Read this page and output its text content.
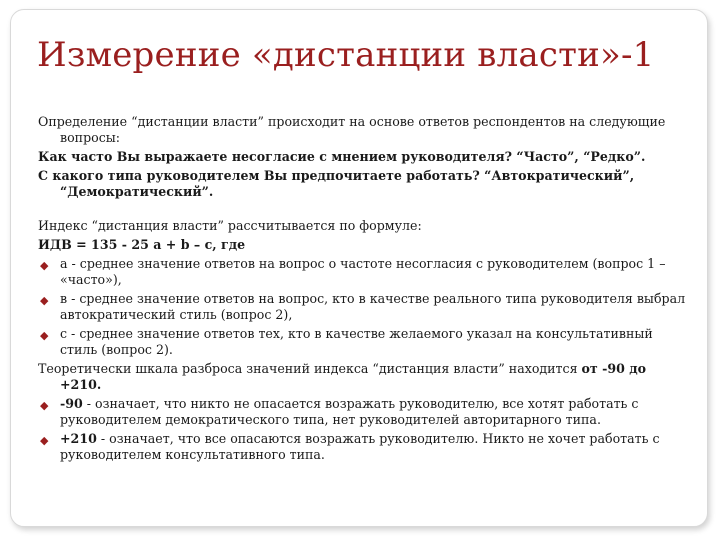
Измерение «дистанции власти»-1

Определение “дистанции власти” происходит на основе ответов респондентов на следующие вопросы:

Как часто Вы выражаете несогласие с мнением руководителя? “Часто”, “Редко”.

С какого типа руководителем Вы предпочитаете работать? “Автократический”, “Демократический”.

Индекс “дистанция власти” рассчитывается по формуле:

ИДВ = 135 - 25 а + b – c, где

◆ а - среднее значение ответов на вопрос о частоте несогласия с руководителем (вопрос 1 – «часто»),
◆ в - среднее значение ответов на вопрос, кто в качестве реального типа руководителя выбрал автократический стиль (вопрос 2),
◆ с - среднее значение ответов тех, кто в качестве желаемого указал на консультативный стиль (вопрос 2).

Теоретически шкала разброса значений индекса “дистанция власти” находится от -90 до +210.

◆ -90 - означает, что никто не опасается возражать руководителю, все хотят работать с руководителем демократического типа, нет руководителей авторитарного типа.
◆ +210 - означает, что все опасаются возражать руководителю. Никто не хочет работать с руководителем консультативного типа.
